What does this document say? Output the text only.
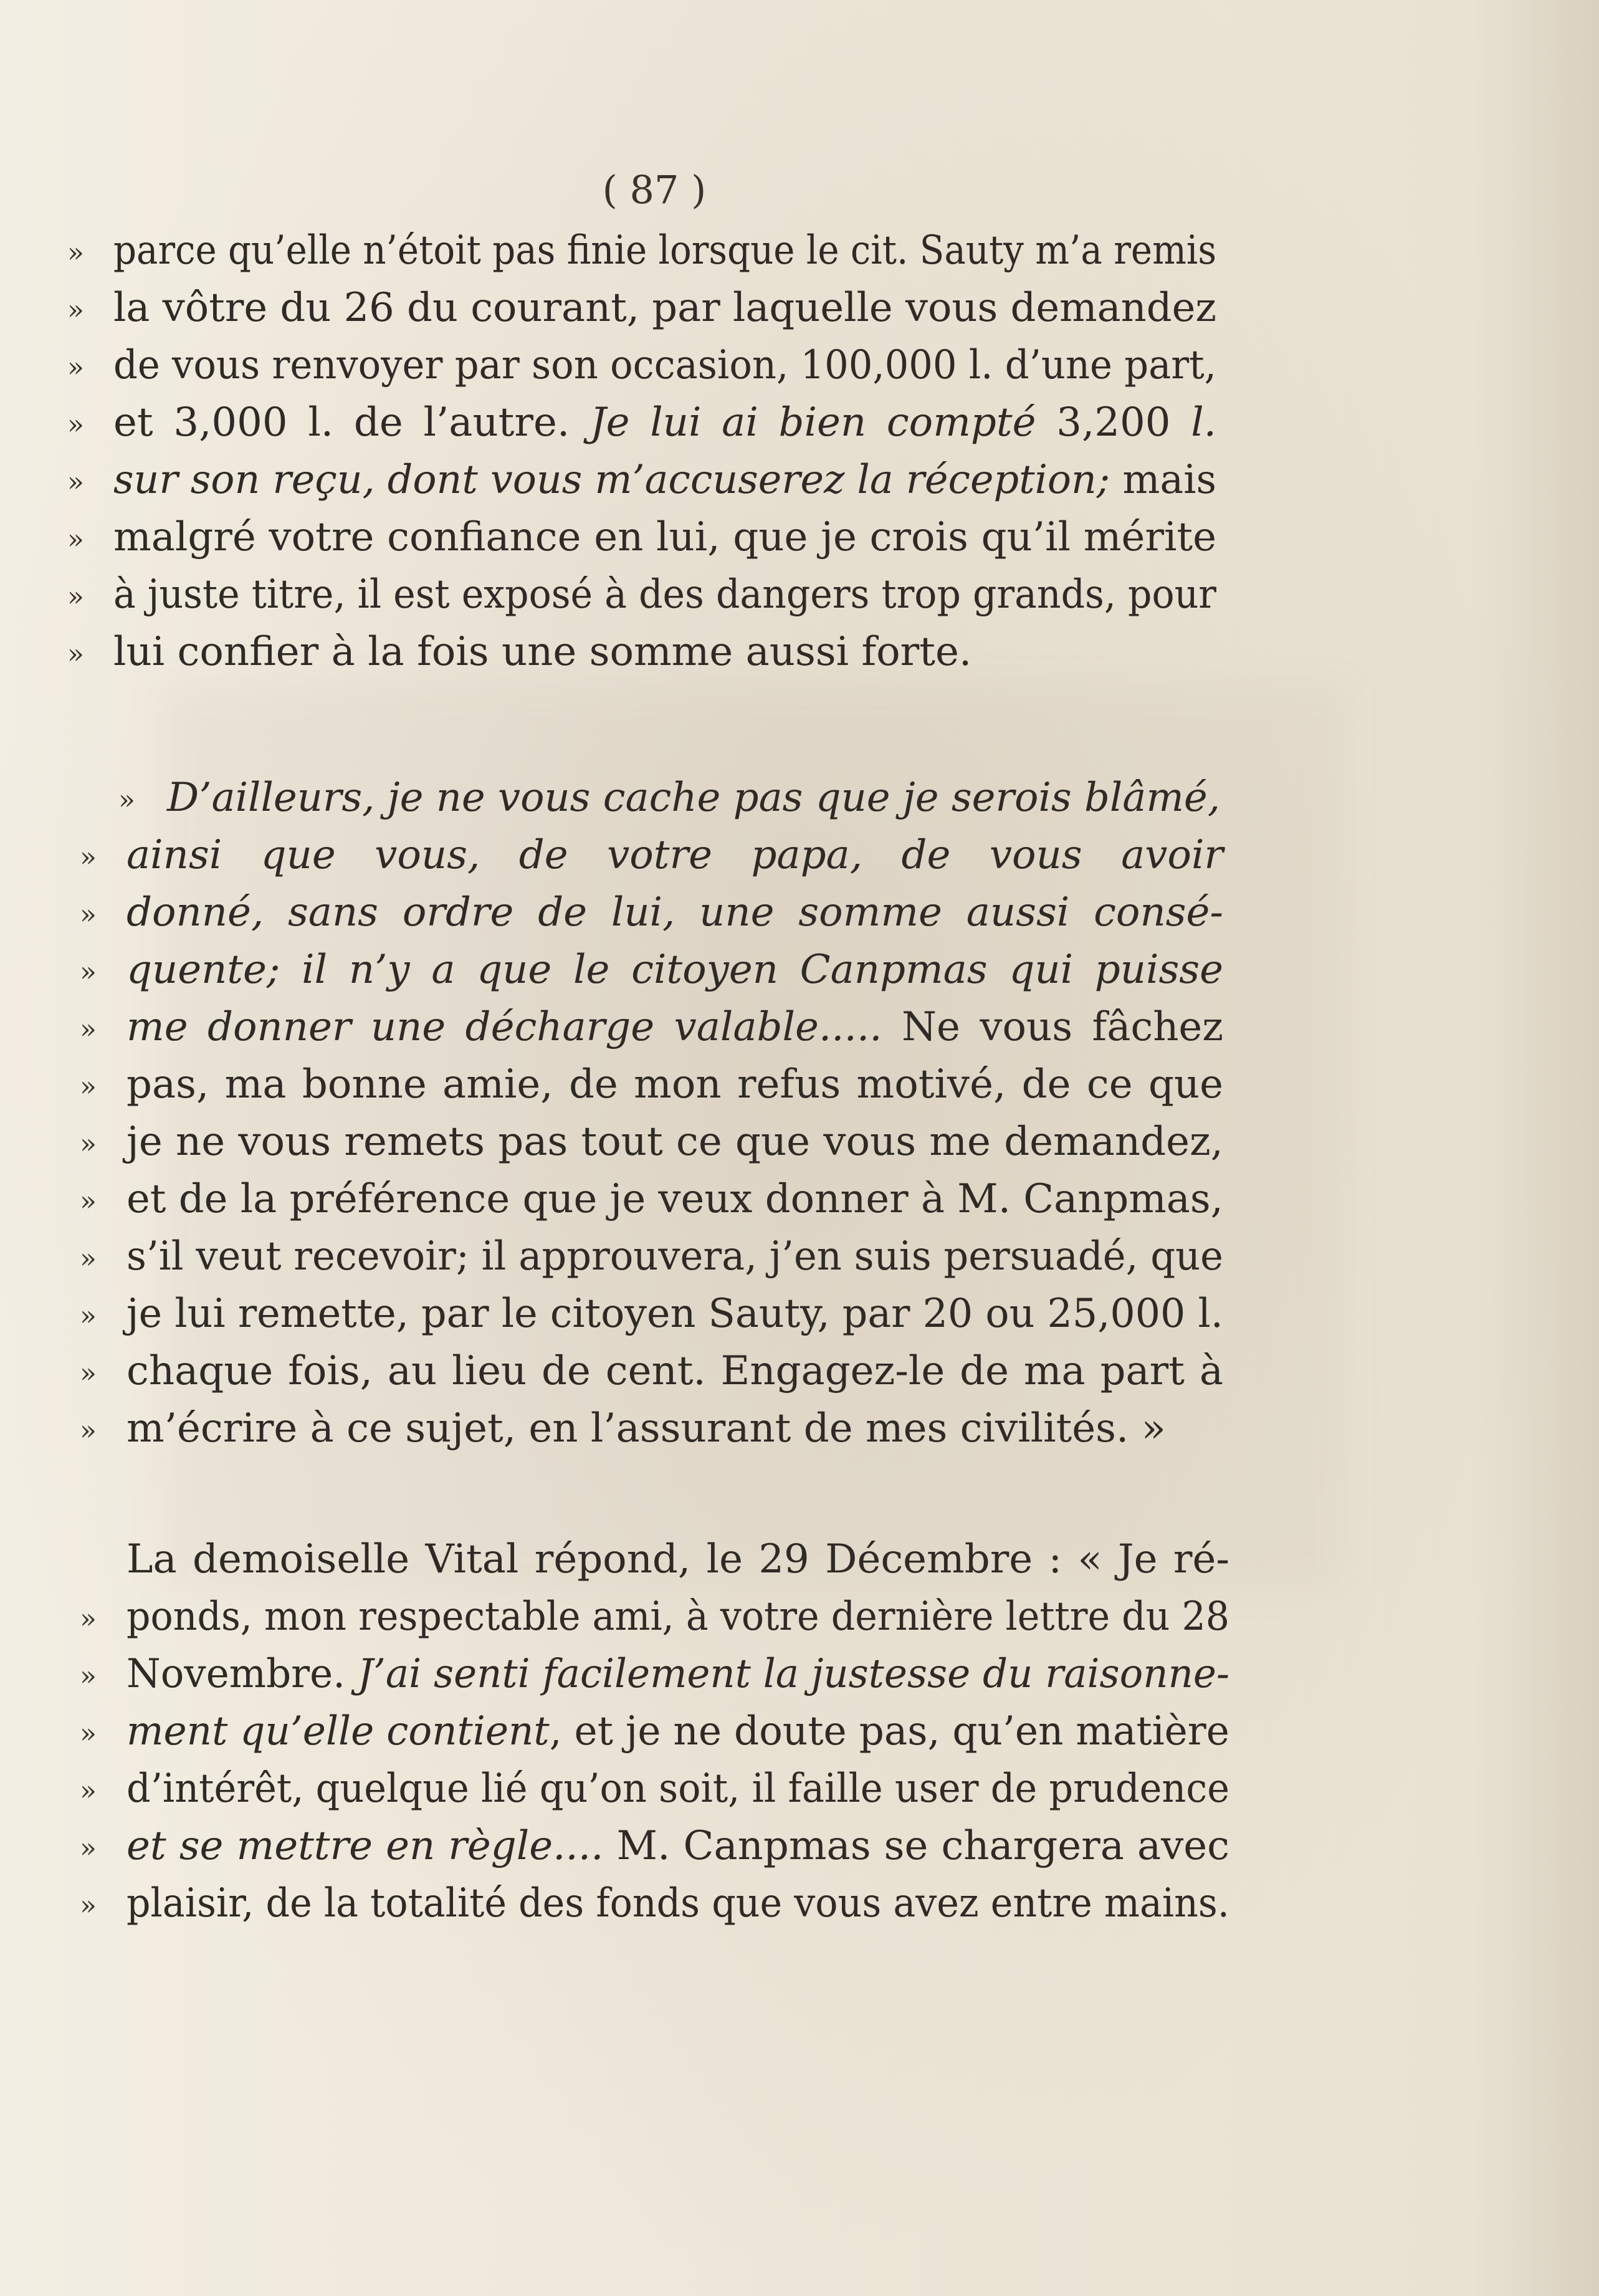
( 87 )
» parce qu’elle n’étoit pas finie lorsque le cit. Sauty m’a remis
» la vôtre du 26 du courant, par laquelle vous demandez
» de vous renvoyer par son occasion, 100,000 l. d’une part,
» et 3,000 l. de l’autre. Je lui ai bien compté 3,200 l.
» sur son reçu, dont vous m’accuserez la réception; mais
» malgré votre confiance en lui, que je crois qu’il mérite
» à juste titre, il est exposé à des dangers trop grands, pour
» lui confier à la fois une somme aussi forte.
» D’ailleurs, je ne vous cache pas que je serois blâmé,
» ainsi que vous, de votre papa, de vous avoir
» donné, sans ordre de lui, une somme aussi consé-
» quente; il n’y a que le citoyen Canpmas qui puisse
» me donner une décharge valable..... Ne vous fâchez
» pas, ma bonne amie, de mon refus motivé, de ce que
» je ne vous remets pas tout ce que vous me demandez,
» et de la préférence que je veux donner à M. Canpmas,
» s’il veut recevoir; il approuvera, j’en suis persuadé, que
» je lui remette, par le citoyen Sauty, par 20 ou 25,000 l.
» chaque fois, au lieu de cent. Engagez-le de ma part à
» m’écrire à ce sujet, en l’assurant de mes civilités. »
La demoiselle Vital répond, le 29 Décembre : « Je ré-
» ponds, mon respectable ami, à votre dernière lettre du 28
» Novembre. J’ai senti facilement la justesse du raisonne-
» ment qu’elle contient, et je ne doute pas, qu’en matière
» d’intérêt, quelque lié qu’on soit, il faille user de prudence
» et se mettre en règle.... M. Canpmas se chargera avec
» plaisir, de la totalité des fonds que vous avez entre mains.
